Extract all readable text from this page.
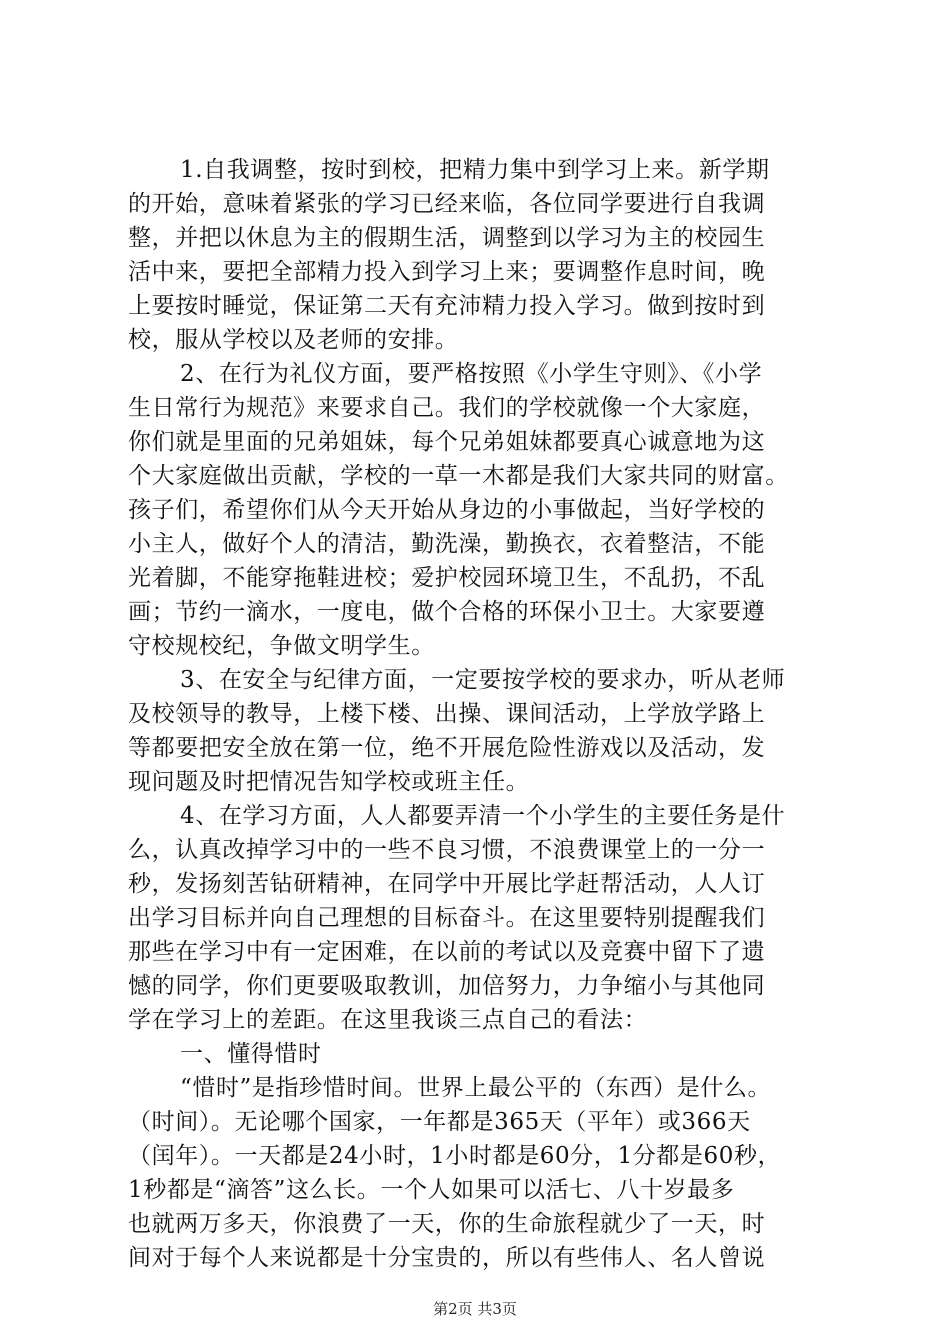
1.自我调整，按时到校，把精力集中到学习上来。新学期
的开始，意味着紧张的学习已经来临，各位同学要进行自我调
整，并把以休息为主的假期生活，调整到以学习为主的校园生
活中来，要把全部精力投入到学习上来；要调整作息时间，晚
上要按时睡觉，保证第二天有充沛精力投入学习。做到按时到
校，服从学校以及老师的安排。
2、在行为礼仪方面，要严格按照《小学生守则》、《小学
生日常行为规范》来要求自己。我们的学校就像一个大家庭，
你们就是里面的兄弟姐妹，每个兄弟姐妹都要真心诚意地为这
个大家庭做出贡献，学校的一草一木都是我们大家共同的财富。
孩子们，希望你们从今天开始从身边的小事做起，当好学校的
小主人，做好个人的清洁，勤洗澡，勤换衣，衣着整洁，不能
光着脚，不能穿拖鞋进校；爱护校园环境卫生，不乱扔，不乱
画；节约一滴水，一度电，做个合格的环保小卫士。大家要遵
守校规校纪，争做文明学生。
3、在安全与纪律方面，一定要按学校的要求办，听从老师
及校领导的教导，上楼下楼、出操、课间活动，上学放学路上
等都要把安全放在第一位，绝不开展危险性游戏以及活动，发
现问题及时把情况告知学校或班主任。
4、在学习方面，人人都要弄清一个小学生的主要任务是什
么，认真改掉学习中的一些不良习惯，不浪费课堂上的一分一
秒，发扬刻苦钻研精神，在同学中开展比学赶帮活动，人人订
出学习目标并向自己理想的目标奋斗。在这里要特别提醒我们
那些在学习中有一定困难，在以前的考试以及竞赛中留下了遗
憾的同学，你们更要吸取教训，加倍努力，力争缩小与其他同
学在学习上的差距。在这里我谈三点自己的看法：
一、懂得惜时
“惜时”是指珍惜时间。世界上最公平的（东西）是什么。
（时间）。无论哪个国家，一年都是365天（平年）或366天
（闰年）。一天都是24小时，1小时都是60分，1分都是60秒，
1秒都是“滴答”这么长。一个人如果可以活七、八十岁最多
也就两万多天，你浪费了一天，你的生命旅程就少了一天，时
间对于每个人来说都是十分宝贵的，所以有些伟人、名人曾说
第2页 共3页
